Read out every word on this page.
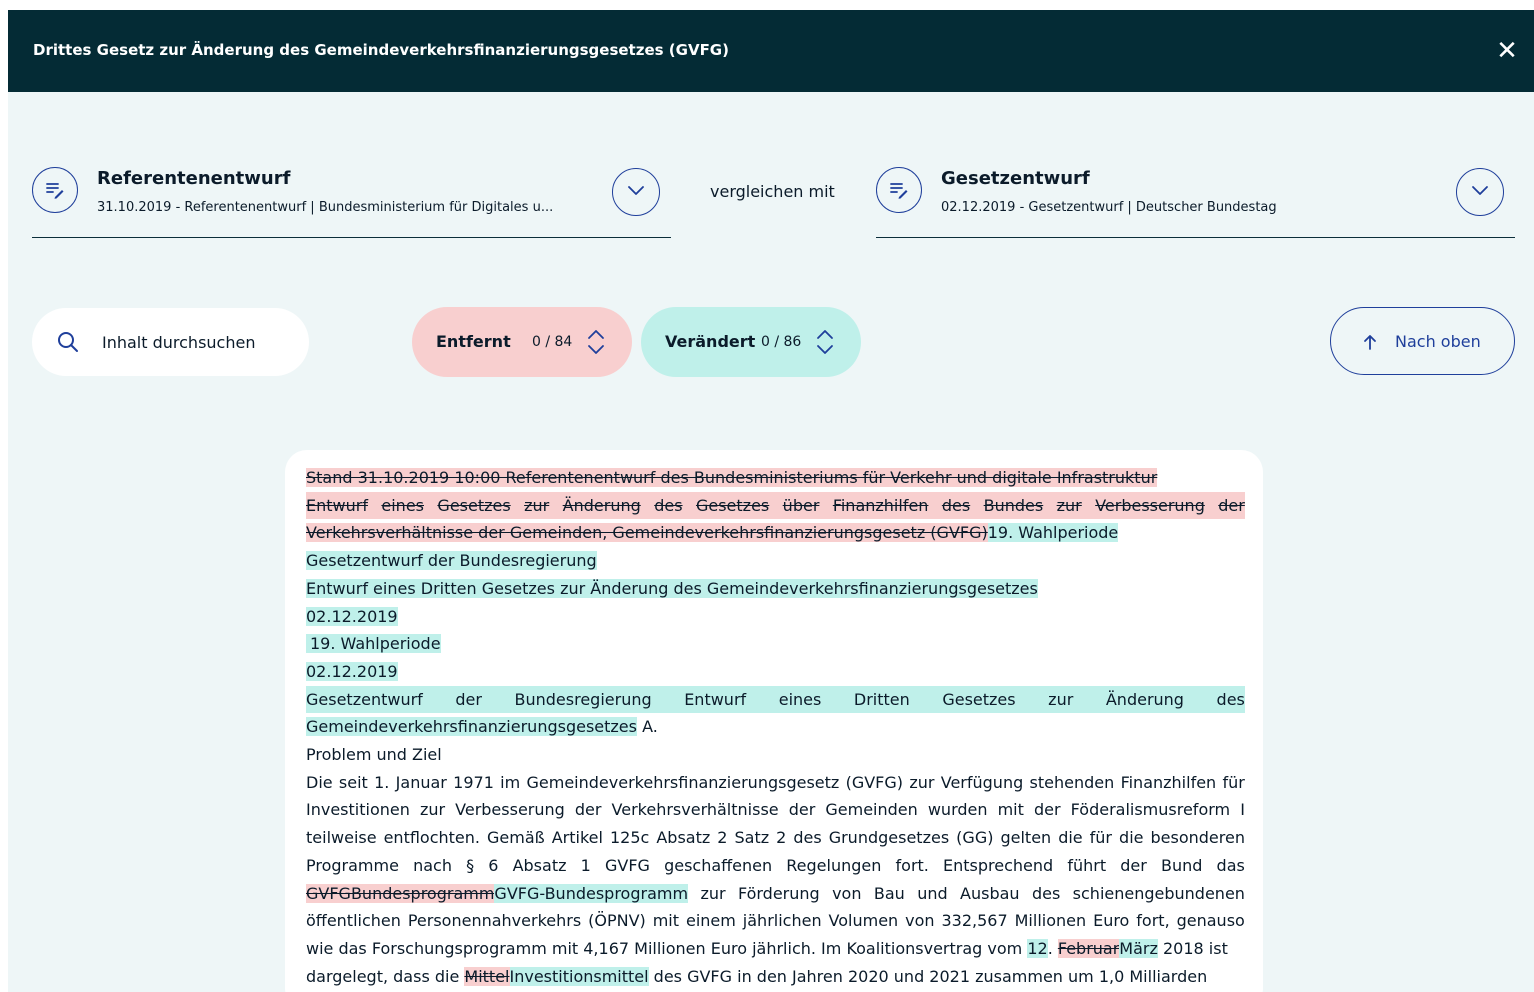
Drittes Gesetz zur Änderung des Gemeindeverkehrsfinanzierungsgesetzes (GVFG)	✕
Referentenentwurf
31.10.2019 - Referentenentwurf | Bundesministerium für Digitales u...
vergleichen mit
Gesetzentwurf
02.12.2019 - Gesetzentwurf | Deutscher Bundestag
Inhalt durchsuchen	Entfernt 0 / 84	Verändert 0 / 86	Nach oben
Stand 31.10.2019 10:00 Referentenentwurf des Bundesministeriums für Verkehr und digitale Infrastruktur
Entwurf eines Gesetzes zur Änderung des Gesetzes über Finanzhilfen des Bundes zur Verbesserung der
Verkehrsverhältnisse der Gemeinden, Gemeindeverkehrsfinanzierungsgesetz (GVFG)19. Wahlperiode
Gesetzentwurf der Bundesregierung
Entwurf eines Dritten Gesetzes zur Änderung des Gemeindeverkehrsfinanzierungsgesetzes
02.12.2019
19. Wahlperiode
02.12.2019
Gesetzentwurf der Bundesregierung Entwurf eines Dritten Gesetzes zur Änderung des
Gemeindeverkehrsfinanzierungsgesetzes A.
Problem und Ziel
Die seit 1. Januar 1971 im Gemeindeverkehrsfinanzierungsgesetz (GVFG) zur Verfügung stehenden Finanzhilfen für
Investitionen zur Verbesserung der Verkehrsverhältnisse der Gemeinden wurden mit der Föderalismusreform I
teilweise entflochten. Gemäß Artikel 125c Absatz 2 Satz 2 des Grundgesetzes (GG) gelten die für die besonderen
Programme nach § 6 Absatz 1 GVFG geschaffenen Regelungen fort. Entsprechend führt der Bund das
GVFGBundesprogrammGVFG-Bundesprogramm zur Förderung von Bau und Ausbau des schienengebundenen
öffentlichen Personennahverkehrs (ÖPNV) mit einem jährlichen Volumen von 332,567 Millionen Euro fort, genauso
wie das Forschungsprogramm mit 4,167 Millionen Euro jährlich. Im Koalitionsvertrag vom 12. FebruarMärz 2018 ist
dargelegt, dass die MittelInvestitionsmittel des GVFG in den Jahren 2020 und 2021 zusammen um 1,0 Milliarden
